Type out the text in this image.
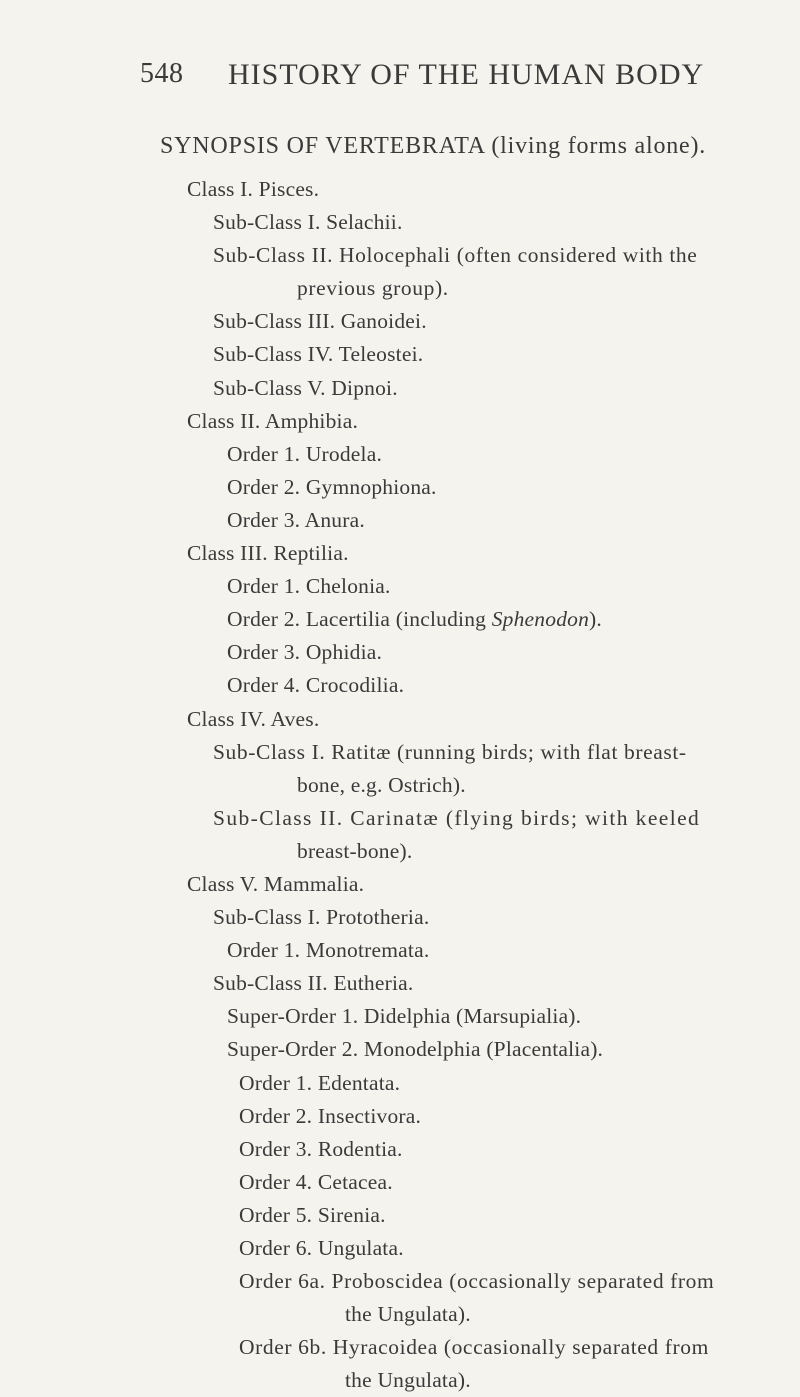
548 HISTORY OF THE HUMAN BODY
SYNOPSIS OF VERTEBRATA (living forms alone).
Class I. Pisces.
Sub-Class I. Selachii.
Sub-Class II. Holocephali (often considered with the
previous group).
Sub-Class III. Ganoidei.
Sub-Class IV. Teleostei.
Sub-Class V. Dipnoi.
Class II. Amphibia.
Order 1. Urodela.
Order 2. Gymnophiona.
Order 3. Anura.
Class III. Reptilia.
Order 1. Chelonia.
Order 2. Lacertilia (including Sphenodon).
Order 3. Ophidia.
Order 4. Crocodilia.
Class IV. Aves.
Sub-Class I. Ratitæ (running birds; with flat breast-
bone, e.g. Ostrich).
Sub-Class II. Carinatæ (flying birds; with keeled
breast-bone).
Class V. Mammalia.
Sub-Class I. Prototheria.
Order 1. Monotremata.
Sub-Class II. Eutheria.
Super-Order 1. Didelphia (Marsupialia).
Super-Order 2. Monodelphia (Placentalia).
Order 1. Edentata.
Order 2. Insectivora.
Order 3. Rodentia.
Order 4. Cetacea.
Order 5. Sirenia.
Order 6. Ungulata.
Order 6a. Proboscidea (occasionally separated from
the Ungulata).
Order 6b. Hyracoidea (occasionally separated from
the Ungulata).
